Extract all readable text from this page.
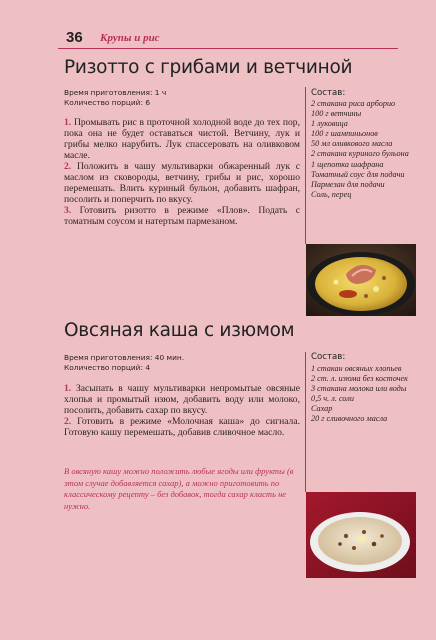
36 Крупы и рис
Ризотто с грибами и ветчиной
Время приготовления: 1 ч
Количество порций: 6

1. Промывать рис в проточной холодной воде до тех пор, пока она не будет оставаться чистой. Ветчину, лук и грибы мелко нарубить. Лук спассеровать на оливковом масле.

2. Положить в чашу мультиварки обжаренный лук с маслом из сковороды, ветчину, грибы и рис, хорошо перемешать. Влить куриный бульон, добавить шафран, посолить и поперчить по вкусу.

3. Готовить ризотто в режиме «Плов». Подать с томатным соусом и натертым пармезаном.

Состав:
2 стакана риса арборио
100 г ветчины
1 луковица
100 г шампиньонов
50 мл оливкового масла
2 стакана куриного бульона
1 щепотка шафрана
Томатный соус для подачи
Пармезан для подачи
Соль, перец
Овсяная каша с изюмом
Время приготовления: 40 мин.
Количество порций: 4

1. Засыпать в чашу мультиварки непромытые овсяные хлопья и промытый изюм, добавить воду или молоко, посолить, добавить сахар по вкусу.

2. Готовить в режиме «Молочная каша» до сигнала. Готовую кашу перемешать, добавив сливочное масло.

Состав:
1 стакан овсяных хлопьев
2 ст. л. изюма без косточек
3 стакана молока или воды
0,5 ч. л. соли
Сахар
20 г сливочного масла
В овсяную кашу можно положить любые ягоды или фрукты (в этом случае добавляется сахар), а можно приготовить по классическому рецепту – без добавок, тогда сахар класть не нужно.
